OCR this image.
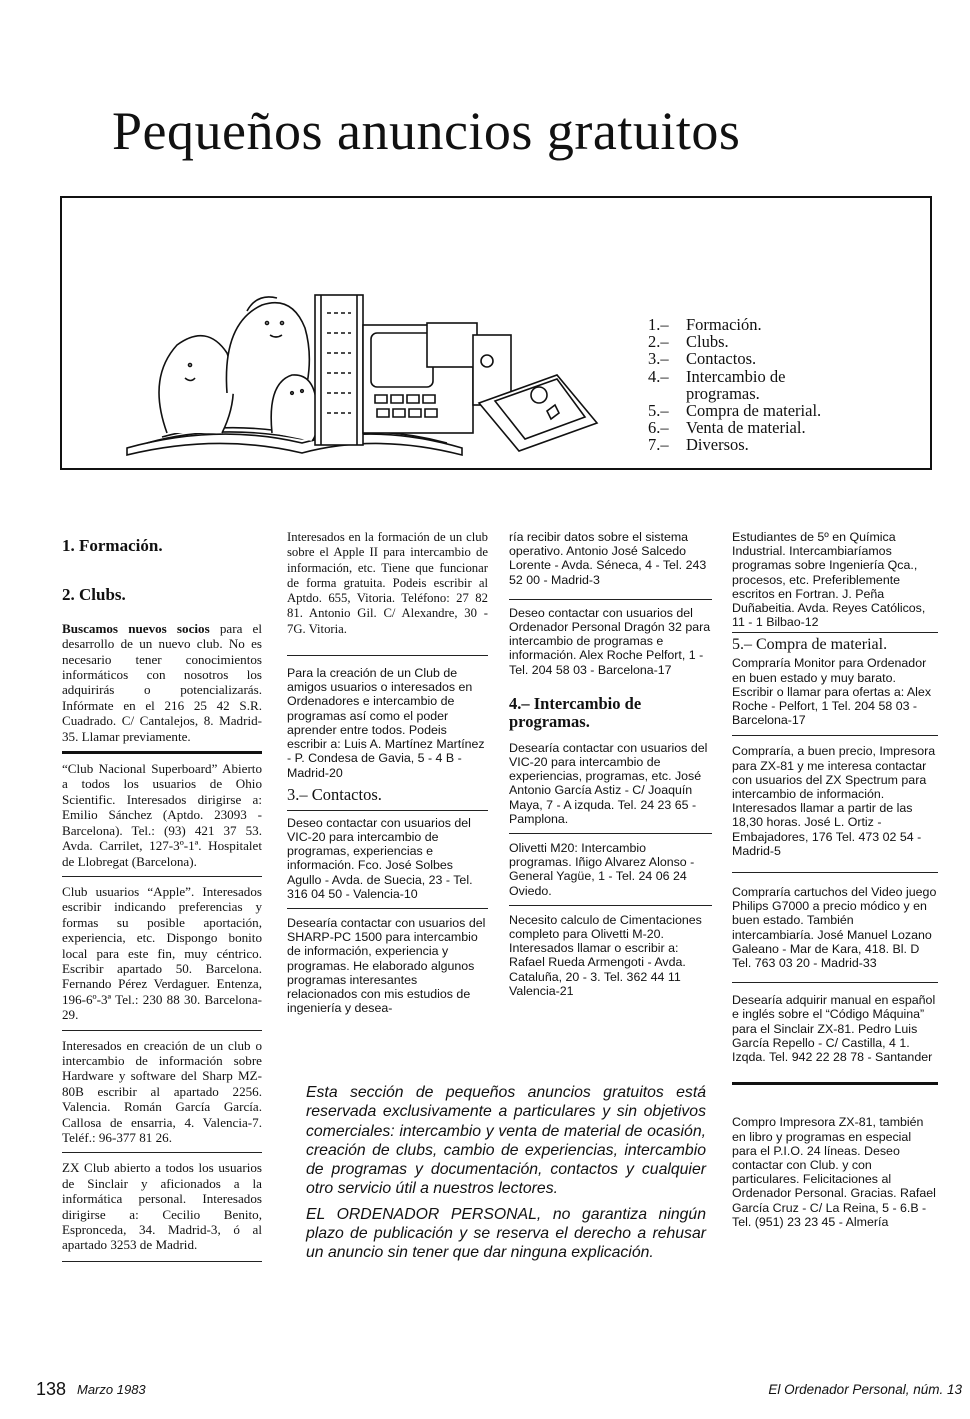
Pequeños anuncios gratuitos
1.–	Formación.
2.–	Clubs.
3.–	Contactos.
4.–	Intercambio de programas.
5.–	Compra de material.
6.–	Venta de material.
7.–	Diversos.
1. Formación.
2. Clubs.

Buscamos nuevos socios para el desarrollo de un nuevo club. No es necesario tener conocimientos informáticos con nosotros los adquirirás o potencializarás. Infórmate en el 216 25 42 S.R. Cuadrado. C/ Cantalejos, 8. Madrid-35. Llamar previamente.

“Club Nacional Superboard” Abierto a todos los usuarios de Ohio Scientific. Interesados dirigirse a: Emilio Sánchez (Aptdo. 23093 - Barcelona). Tel.: (93) 421 37 53. Avda. Carrilet, 127-3º-1ª. Hospitalet de Llobregat (Barcelona).

Club usuarios “Apple”. Interesados escribir indicando preferencias y formas su posible aportación, experiencia, etc. Dispongo bonito local para este fin, muy céntrico. Escribir apartado 50. Barcelona. Fernando Pérez Verdaguer. Entenza, 196-6º-3ª Tel.: 230 88 30. Barcelona-29.

Interesados en creación de un club o intercambio de información sobre Hardware y software del Sharp MZ-80B escribir al apartado 2256. Valencia. Román García García. Callosa de ensarria, 4. Valencia-7. Teléf.: 96-377 81 26.

ZX Club abierto a todos los usuarios de Sinclair y aficionados a la informática personal. Interesados dirigirse a: Cecilio Benito, Espronceda, 34. Madrid-3, ó al apartado 3253 de Madrid.

Interesados en la formación de un club sobre el Apple II para intercambio de información, etc. Tiene que funcionar de forma gratuita. Podeis escribir al Aptdo. 655, Vitoria. Teléfono: 27 82 81. Antonio Gil. C/ Alexandre, 30 - 7G. Vitoria.

Para la creación de un Club de amigos usuarios o interesados en Ordenadores e intercambio de programas así como el poder aprender entre todos. Podeis escribir a: Luis A. Martínez Martínez - P. Condesa de Gavia, 5 - 4 B - Madrid-20

3.– Contactos.

Deseo contactar con usuarios del VIC-20 para intercambio de programas, experiencias e información. Fco. José Solbes Agullo - Avda. de Suecia, 23 - Tel. 316 04 50 - Valencia-10

Desearía contactar con usuarios del SHARP-PC 1500 para intercambio de información, experiencia y programas. He elaborado algunos programas interesantes relacionados con mis estudios de ingeniería y desea-

ría recibir datos sobre el sistema operativo. Antonio José Salcedo Lorente - Avda. Séneca, 4 - Tel. 243 52 00 - Madrid-3

Deseo contactar con usuarios del Ordenador Personal Dragón 32 para intercambio de programas e información. Alex Roche Pelfort, 1 - Tel. 204 58 03 - Barcelona-17

4.– Intercambio de programas.

Desearía contactar con usuarios del VIC-20 para intercambio de experiencias, programas, etc. José Antonio García Astiz - C/ Joaquín Maya, 7 - A izquda. Tel. 24 23 65 - Pamplona.

Olivetti M20: Intercambio programas. Iñigo Alvarez Alonso - General Yagüe, 1 - Tel. 24 06 24 Oviedo.

Necesito calculo de Cimentaciones completo para Olivetti M-20. Interesados llamar o escribir a: Rafael Rueda Armengoti - Avda. Cataluña, 20 - 3. Tel. 362 44 11 Valencia-21

Estudiantes de 5º en Química Industrial. Intercambiaríamos programas sobre Ingeniería Qca., procesos, etc. Preferiblemente escritos en Fortran. J. Peña Duñabeitia. Avda. Reyes Católicos, 11 - 1 Bilbao-12

5.– Compra de material.

Compraría Monitor para Ordenador en buen estado y muy barato. Escribir o llamar para ofertas a: Alex Roche - Pelfort, 1 Tel. 204 58 03 - Barcelona-17

Compraría, a buen precio, Impresora para ZX-81 y me interesa contactar con usuarios del ZX Spectrum para intercambio de información. Interesados llamar a partir de las 18,30 horas. José L. Ortiz - Embajadores, 176 Tel. 473 02 54 - Madrid-5

Compraría cartuchos del Video juego Philips G7000 a precio módico y en buen estado. También intercambiaría. José Manuel Lozano Galeano - Mar de Kara, 418. Bl. D Tel. 763 03 20 - Madrid-33

Desearía adquirir manual en español e inglés sobre el “Código Máquina” para el Sinclair ZX-81. Pedro Luis García Repello - C/ Castilla, 4 1. Izqda. Tel. 942 22 28 78 - Santander

Compro Impresora ZX-81, también en libro y programas en especial para el P.I.O. 24 líneas. Deseo contactar con Club. y con particulares. Felicitaciones al Ordenador Personal. Gracias. Rafael García Cruz - C/ La Reina, 5 - 6.B - Tel. (951) 23 23 45 - Almería

Esta sección de pequeños anuncios gratuitos está reservada exclusivamente a particulares y sin objetivos comerciales: intercambio y venta de material de ocasión, creación de clubs, cambio de experiencias, intercambio de programas y documentación, contactos y cualquier otro servicio útil a nuestros lectores.

EL ORDENADOR PERSONAL, no garantiza ningún plazo de publicación y se reserva el derecho a rehusar un anuncio sin tener que dar ninguna explicación.

138 Marzo 1983	El Ordenador Personal, núm. 13
